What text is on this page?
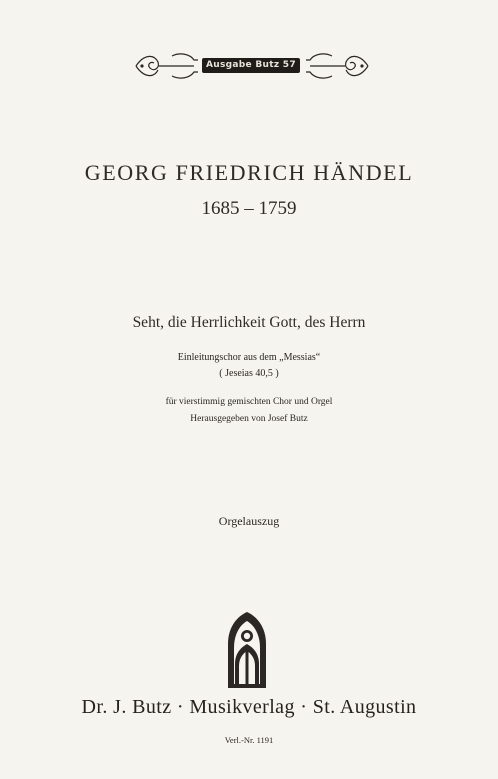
Ausgabe Butz 57
GEORG FRIEDRICH HÄNDEL
1685 – 1759
Seht, die Herrlichkeit Gott, des Herrn
Einleitungschor aus dem „Messias“
( Jeseias 40,5 )
für vierstimmig gemischten Chor und Orgel
Herausgegeben von Josef Butz
Orgelauszug
Dr. J. Butz · Musikverlag · St. Augustin
Verl.-Nr. 1191
